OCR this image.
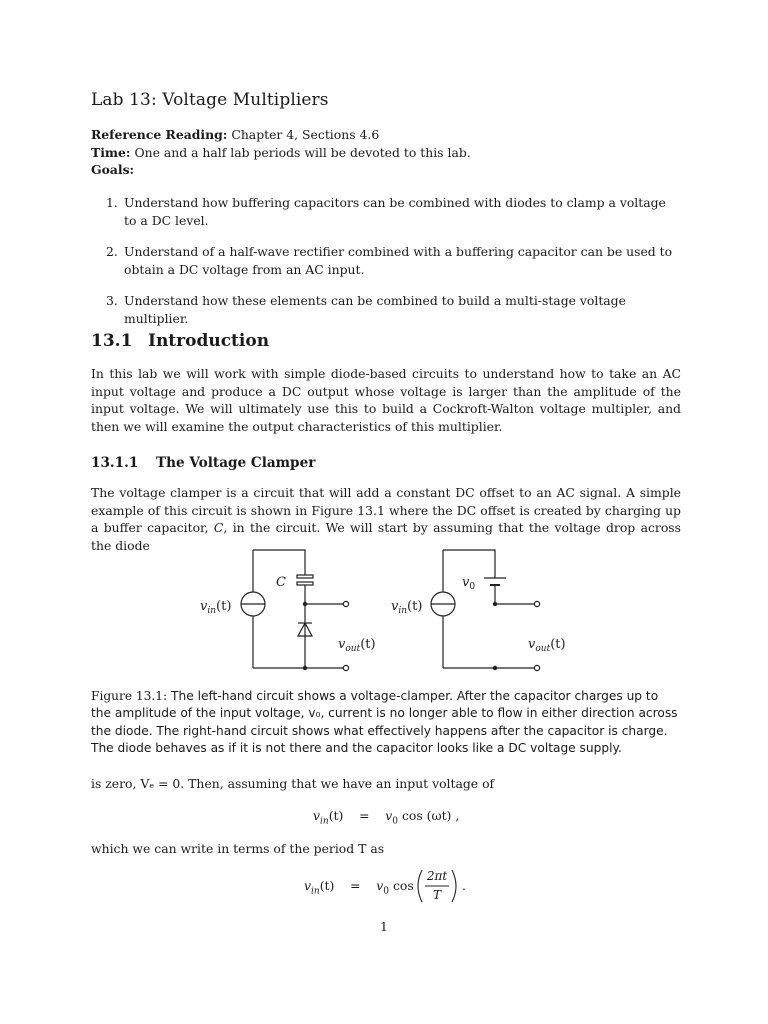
Lab 13: Voltage Multipliers
Reference Reading: Chapter 4, Sections 4.6
Time: One and a half lab periods will be devoted to this lab.
Goals:
1. Understand how buffering capacitors can be combined with diodes to clamp a voltage to a DC level.
2. Understand of a half-wave rectifier combined with a buffering capacitor can be used to obtain a DC voltage from an AC input.
3. Understand how these elements can be combined to build a multi-stage voltage multiplier.
13.1 Introduction
In this lab we will work with simple diode-based circuits to understand how to take an AC input voltage and produce a DC output whose voltage is larger than the amplitude of the input voltage. We will ultimately use this to build a Cockroft-Walton voltage multipler, and then we will examine the output characteristics of this multiplier.
13.1.1 The Voltage Clamper
The voltage clamper is a circuit that will add a constant DC offset to an AC signal. A simple example of this circuit is shown in Figure 13.1 where the DC offset is created by charging up a buffer capacitor, C, in the circuit. We will start by assuming that the voltage drop across the diode
C
$v_{in}(t)$
$v_{out}(t)$
$v_0$
$v_{in}(t)$
$v_{out}(t)$
Figure 13.1: The left-hand circuit shows a voltage-clamper. After the capacitor charges up to the amplitude of the input voltage, v₀, current is no longer able to flow in either direction across the diode. The right-hand circuit shows what effectively happens after the capacitor is charge. The diode behaves as if it is not there and the capacitor looks like a DC voltage supply.
is zero, Vₑ = 0. Then, assuming that we have an input voltage of
$v_{in}(t) = v_0$ cos (ωt) ,
which we can write in terms of the period T as
$v_{in}(t) = v_0$ cos
2πt
T
.
1
